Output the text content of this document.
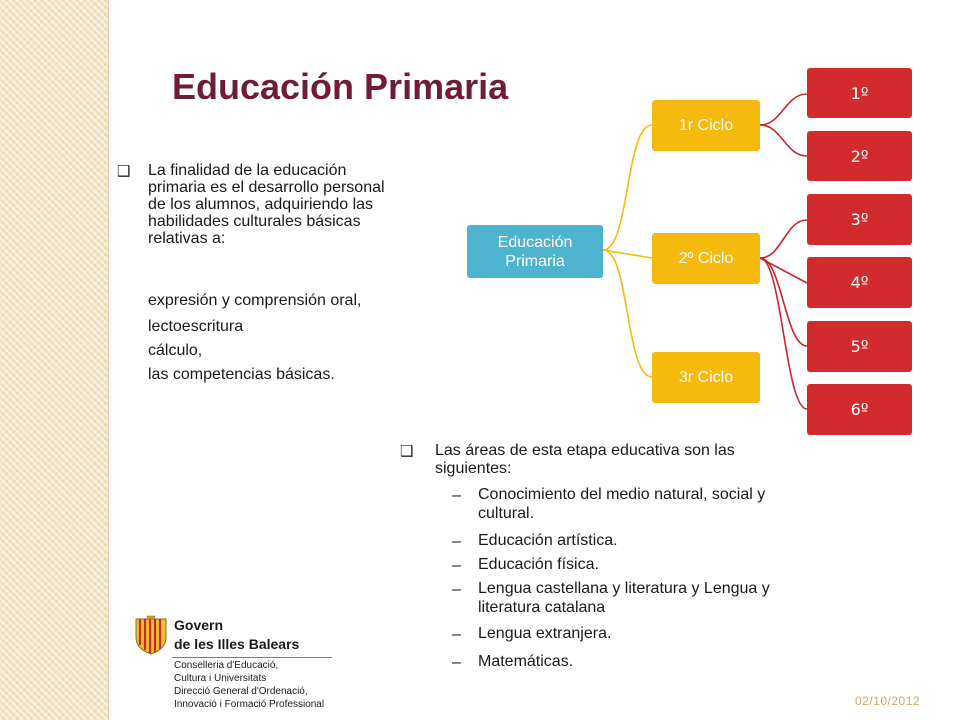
Educación Primaria
❑ La finalidad de la educación
primaria es el desarrollo personal
de los alumnos, adquiriendo las
habilidades culturales básicas
relativas a:
expresión y comprensión oral,
lectoescritura
cálculo,
las competencias básicas.
Educación
Primaria
1r Ciclo
2º Ciclo
3r Ciclo
1º
2º
3º
4º
5º
6º
❑ Las áreas de esta etapa educativa son las
siguientes:
– Conocimiento del medio natural, social y
cultural.
– Educación artística.
– Educación física.
– Lengua castellana y literatura y Lengua y
literatura catalana
– Lengua extranjera.
– Matemáticas.
Govern
de les Illes Balears
Conselleria d'Educació,
Cultura i Universitats
Direcció General d'Ordenació,
Innovació i Formació Professional	02/10/2012
